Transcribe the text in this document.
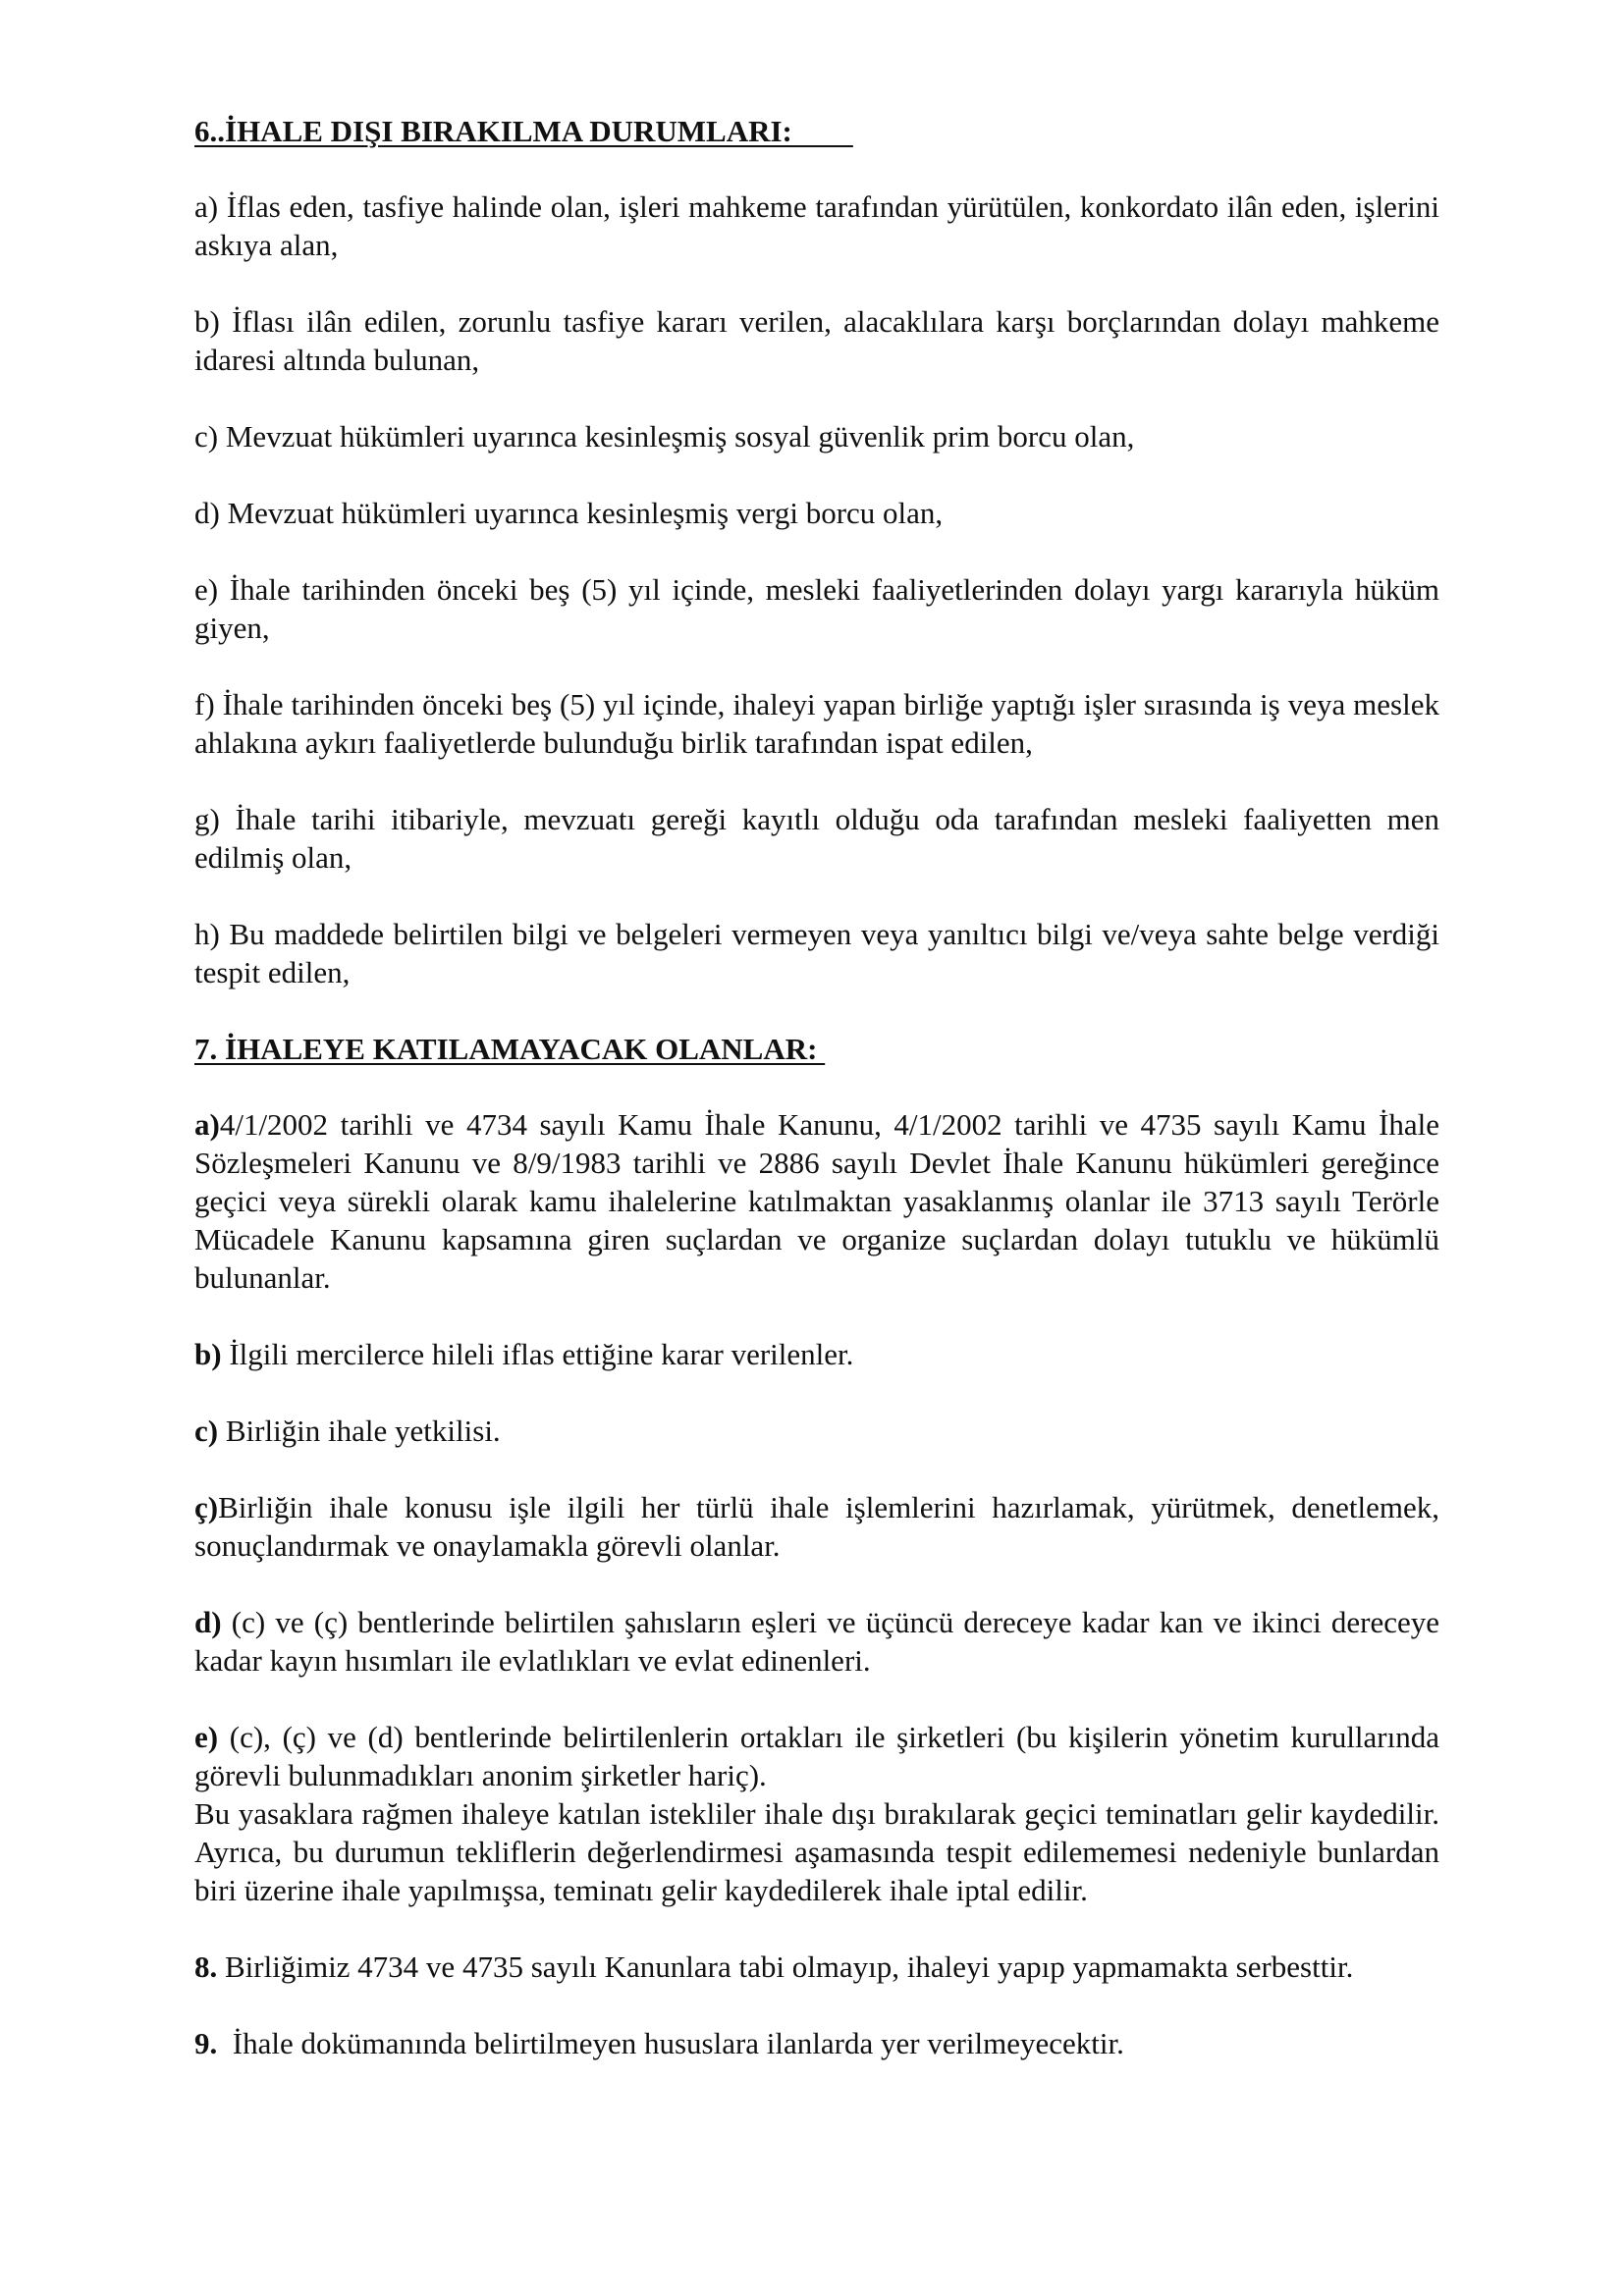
6..İHALE DIŞI BIRAKILMA DURUMLARI:

a) İflas eden, tasfiye halinde olan, işleri mahkeme tarafından yürütülen, konkordato ilân eden, işlerini askıya alan,

b) İflası ilân edilen, zorunlu tasfiye kararı verilen, alacaklılara karşı borçlarından dolayı mahkeme idaresi altında bulunan,

c) Mevzuat hükümleri uyarınca kesinleşmiş sosyal güvenlik prim borcu olan,

d) Mevzuat hükümleri uyarınca kesinleşmiş vergi borcu olan,

e) İhale tarihinden önceki beş (5) yıl içinde, mesleki faaliyetlerinden dolayı yargı kararıyla hüküm giyen,

f) İhale tarihinden önceki beş (5) yıl içinde, ihaleyi yapan birliğe yaptığı işler sırasında iş veya meslek ahlakına aykırı faaliyetlerde bulunduğu birlik tarafından ispat edilen,

g) İhale tarihi itibariyle, mevzuatı gereği kayıtlı olduğu oda tarafından mesleki faaliyetten men edilmiş olan,

h) Bu maddede belirtilen bilgi ve belgeleri vermeyen veya yanıltıcı bilgi ve/veya sahte belge verdiği tespit edilen,

7. İHALEYE KATILAMAYACAK OLANLAR:

a)4/1/2002 tarihli ve 4734 sayılı Kamu İhale Kanunu, 4/1/2002 tarihli ve 4735 sayılı Kamu İhale Sözleşmeleri Kanunu ve 8/9/1983 tarihli ve 2886 sayılı Devlet İhale Kanunu hükümleri gereğince geçici veya sürekli olarak kamu ihalelerine katılmaktan yasaklanmış olanlar ile 3713 sayılı Terörle Mücadele Kanunu kapsamına giren suçlardan ve organize suçlardan dolayı tutuklu ve hükümlü bulunanlar.

b) İlgili mercilerce hileli iflas ettiğine karar verilenler.

c) Birliğin ihale yetkilisi.

ç)Birliğin ihale konusu işle ilgili her türlü ihale işlemlerini hazırlamak, yürütmek, denetlemek, sonuçlandırmak ve onaylamakla görevli olanlar.

d) (c) ve (ç) bentlerinde belirtilen şahısların eşleri ve üçüncü dereceye kadar kan ve ikinci dereceye kadar kayın hısımları ile evlatlıkları ve evlat edinenleri.

e) (c), (ç) ve (d) bentlerinde belirtilenlerin ortakları ile şirketleri (bu kişilerin yönetim kurullarında görevli bulunmadıkları anonim şirketler hariç).

Bu yasaklara rağmen ihaleye katılan istekliler ihale dışı bırakılarak geçici teminatları gelir kaydedilir. Ayrıca, bu durumun tekliflerin değerlendirmesi aşamasında tespit edilememesi nedeniyle bunlardan biri üzerine ihale yapılmışsa, teminatı gelir kaydedilerek ihale iptal edilir.

8. Birliğimiz 4734 ve 4735 sayılı Kanunlara tabi olmayıp, ihaleyi yapıp yapmamakta serbesttir.

9.  İhale dokümanında belirtilmeyen hususlara ilanlarda yer verilmeyecektir.
